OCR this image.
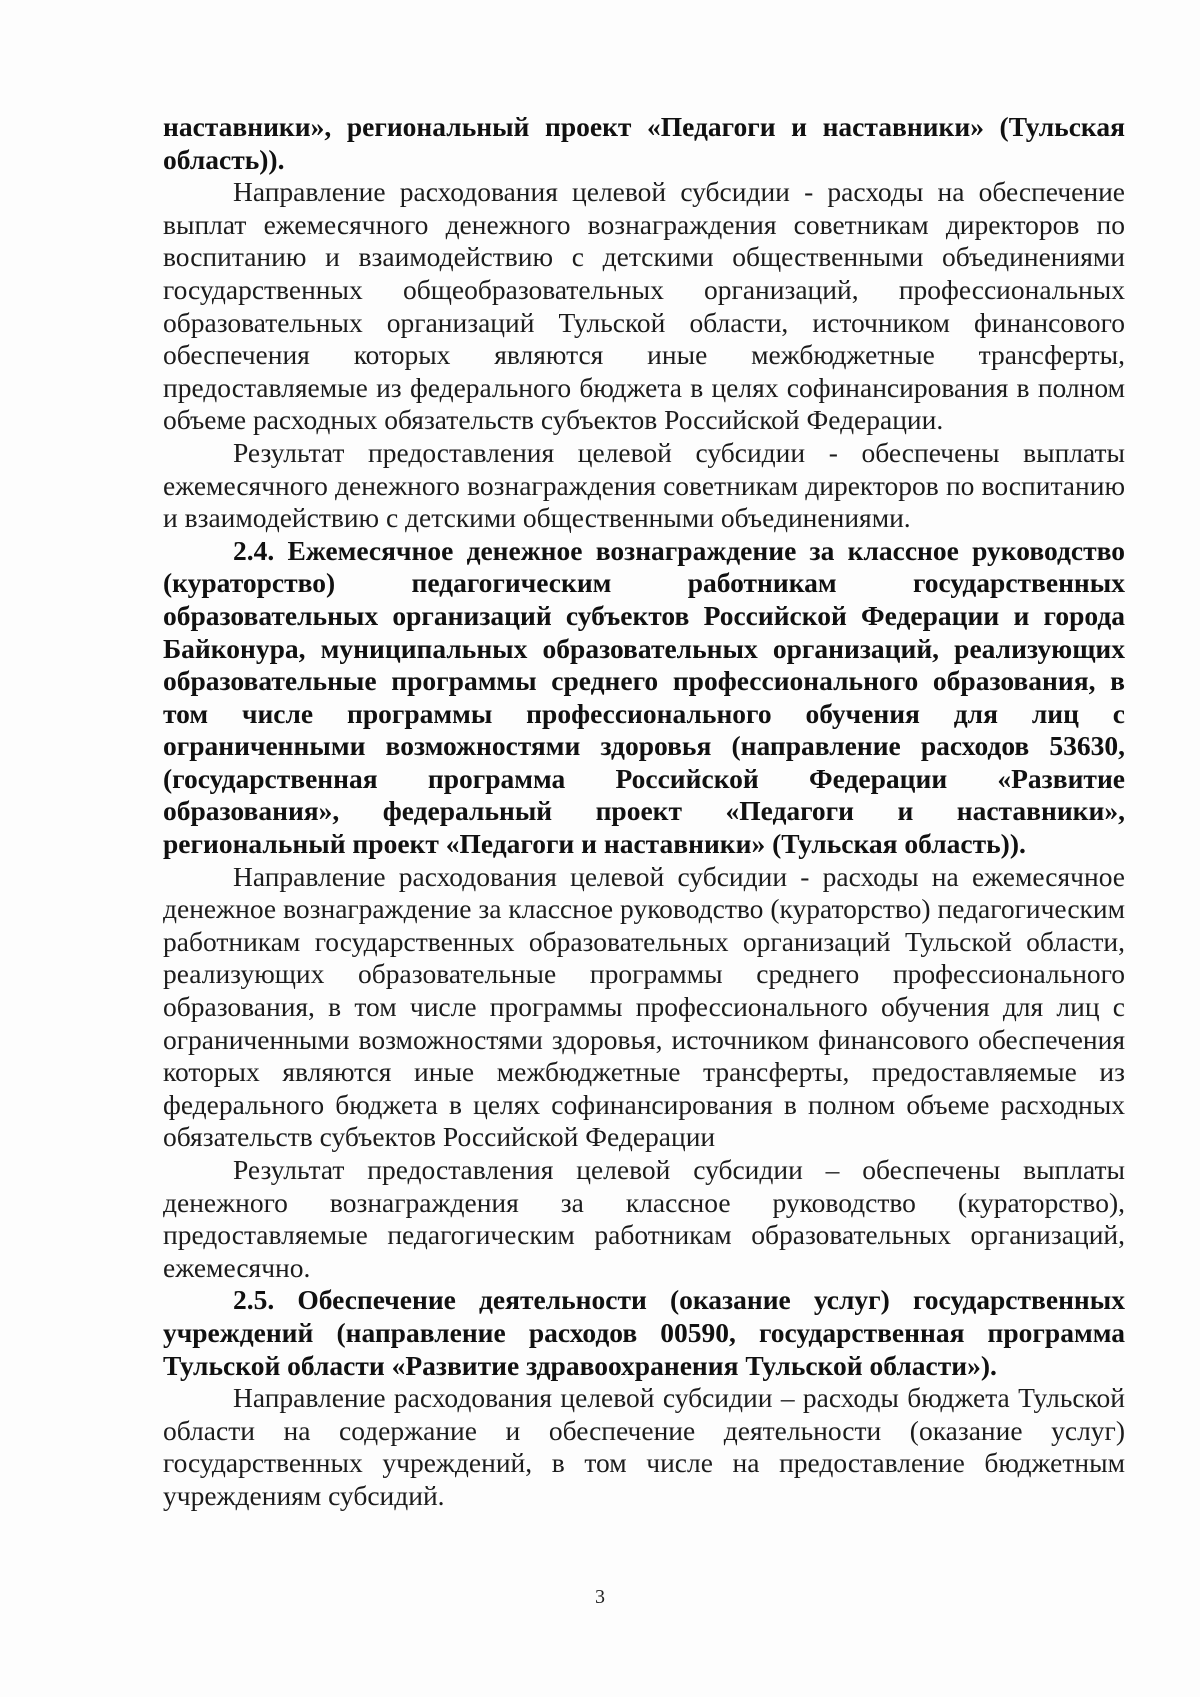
наставники», региональный проект «Педагоги и наставники» (Тульская область)).

Направление расходования целевой субсидии - расходы на обеспечение выплат ежемесячного денежного вознаграждения советникам директоров по воспитанию и взаимодействию с детскими общественными объединениями государственных общеобразовательных организаций, профессиональных образовательных организаций Тульской области, источником финансового обеспечения которых являются иные межбюджетные трансферты, предоставляемые из федерального бюджета в целях софинансирования в полном объеме расходных обязательств субъектов Российской Федерации.

Результат предоставления целевой субсидии - обеспечены выплаты ежемесячного денежного вознаграждения советникам директоров по воспитанию и взаимодействию с детскими общественными объединениями.

2.4. Ежемесячное денежное вознаграждение за классное руководство (кураторство) педагогическим работникам государственных образовательных организаций субъектов Российской Федерации и города Байконура, муниципальных образовательных организаций, реализующих образовательные программы среднего профессионального образования, в том числе программы профессионального обучения для лиц с ограниченными возможностями здоровья (направление расходов 53630, (государственная программа Российской Федерации «Развитие образования», федеральный проект «Педагоги и наставники», региональный проект «Педагоги и наставники» (Тульская область)).

Направление расходования целевой субсидии - расходы на ежемесячное денежное вознаграждение за классное руководство (кураторство) педагогическим работникам государственных образовательных организаций Тульской области, реализующих образовательные программы среднего профессионального образования, в том числе программы профессионального обучения для лиц с ограниченными возможностями здоровья, источником финансового обеспечения которых являются иные межбюджетные трансферты, предоставляемые из федерального бюджета в целях софинансирования в полном объеме расходных обязательств субъектов Российской Федерации

Результат предоставления целевой субсидии – обеспечены выплаты денежного вознаграждения за классное руководство (кураторство), предоставляемые педагогическим работникам образовательных организаций, ежемесячно.

2.5. Обеспечение деятельности (оказание услуг) государственных учреждений (направление расходов 00590, государственная программа Тульской области «Развитие здравоохранения Тульской области»).

Направление расходования целевой субсидии – расходы бюджета Тульской области на содержание и обеспечение деятельности (оказание услуг) государственных учреждений, в том числе на предоставление бюджетным учреждениям субсидий.

3
